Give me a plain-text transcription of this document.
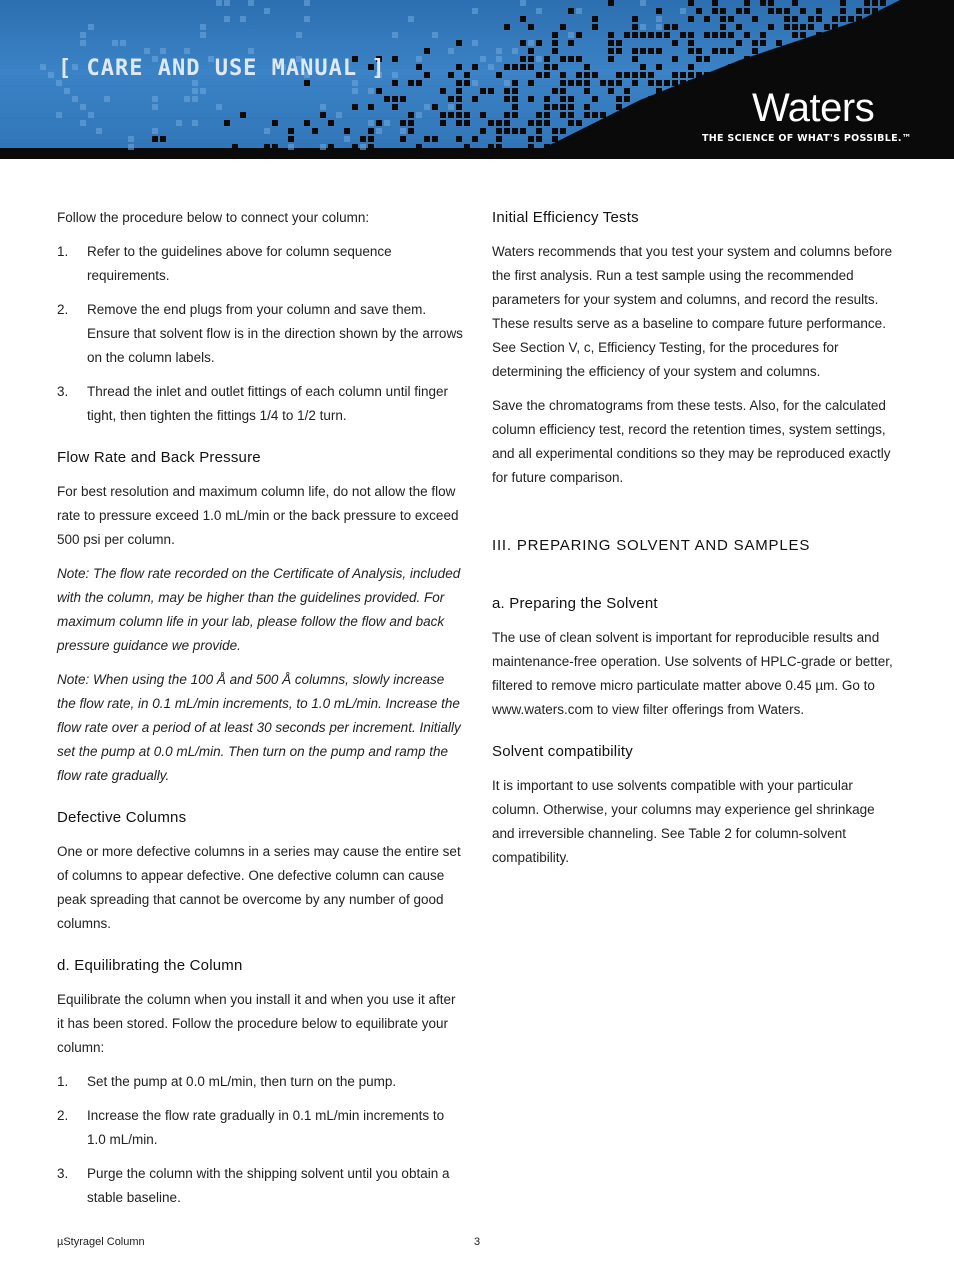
[ CARE AND USE MANUAL ]
Waters
THE SCIENCE OF WHAT'S POSSIBLE.™

Follow the procedure below to connect your column:

1. Refer to the guidelines above for column sequence requirements.
2. Remove the end plugs from your column and save them. Ensure that solvent flow is in the direction shown by the arrows on the column labels.
3. Thread the inlet and outlet fittings of each column until finger tight, then tighten the fittings 1/4 to 1/2 turn.
Flow Rate and Back Pressure

For best resolution and maximum column life, do not allow the flow rate to pressure exceed 1.0 mL/min or the back pressure to exceed 500 psi per column.

Note: The flow rate recorded on the Certificate of Analysis, included with the column, may be higher than the guidelines provided. For maximum column life in your lab, please follow the flow and back pressure guidance we provide.

Note: When using the 100 Å and 500 Å columns, slowly increase the flow rate, in 0.1 mL/min increments, to 1.0 mL/min. Increase the flow rate over a period of at least 30 seconds per increment. Initially set the pump at 0.0 mL/min. Then turn on the pump and ramp the flow rate gradually.

Defective Columns

One or more defective columns in a series may cause the entire set of columns to appear defective. One defective column can cause peak spreading that cannot be overcome by any number of good columns.

d. Equilibrating the Column

Equilibrate the column when you install it and when you use it after it has been stored. Follow the procedure below to equilibrate your column:

1. Set the pump at 0.0 mL/min, then turn on the pump.
2. Increase the flow rate gradually in 0.1 mL/min increments to 1.0 mL/min.
3. Purge the column with the shipping solvent until you obtain a stable baseline.
Initial Efficiency Tests

Waters recommends that you test your system and columns before the first analysis. Run a test sample using the recommended parameters for your system and columns, and record the results. These results serve as a baseline to compare future performance. See Section V, c, Efficiency Testing, for the procedures for determining the efficiency of your system and columns.

Save the chromatograms from these tests. Also, for the calculated column efficiency test, record the retention times, system settings, and all experimental conditions so they may be reproduced exactly for future comparison.

III. PREPARING SOLVENT AND SAMPLES
a. Preparing the Solvent

The use of clean solvent is important for reproducible results and maintenance-free operation. Use solvents of HPLC-grade or better, filtered to remove micro particulate matter above 0.45 µm. Go to www.waters.com to view filter offerings from Waters.

Solvent compatibility

It is important to use solvents compatible with your particular column. Otherwise, your columns may experience gel shrinkage and irreversible channeling. See Table 2 for column-solvent compatibility.

µStyragel Column	3
